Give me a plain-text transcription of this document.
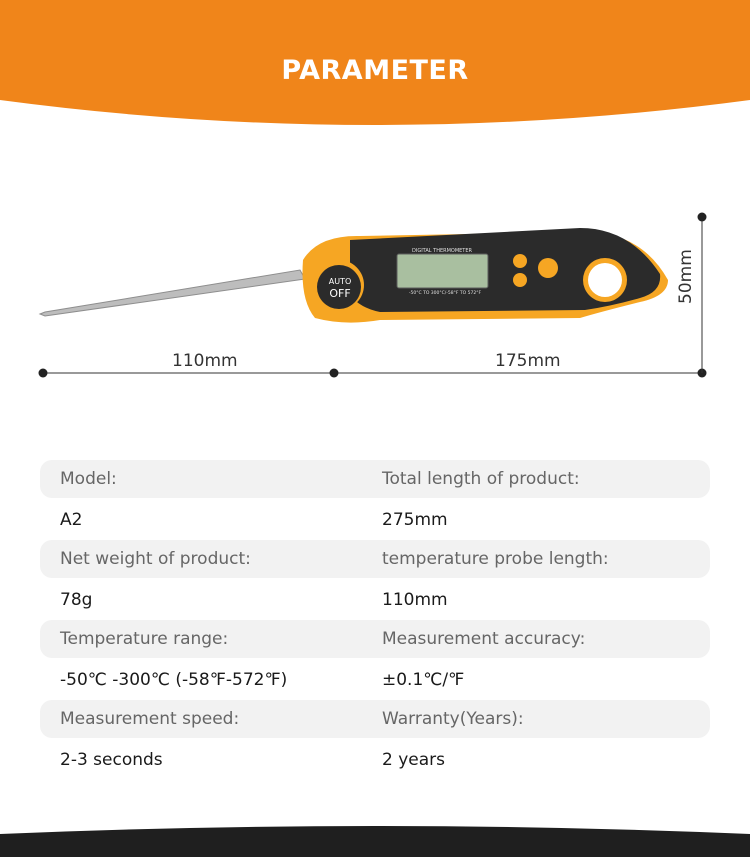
PARAMETER
DIGITAL THERMOMETER
-50°C TO 300°C/-58°F TO 572°F
AUTO
OFF
110mm	175mm
50mm
Model:	Total length of product:
A2	275mm
Net weight of product:	temperature probe length:
78g	110mm
Temperature range:	Measurement accuracy:
-50℃ -300℃ (-58℉-572℉)	±0.1℃/℉
Measurement speed:	Warranty(Years):
2-3 seconds	2 years
